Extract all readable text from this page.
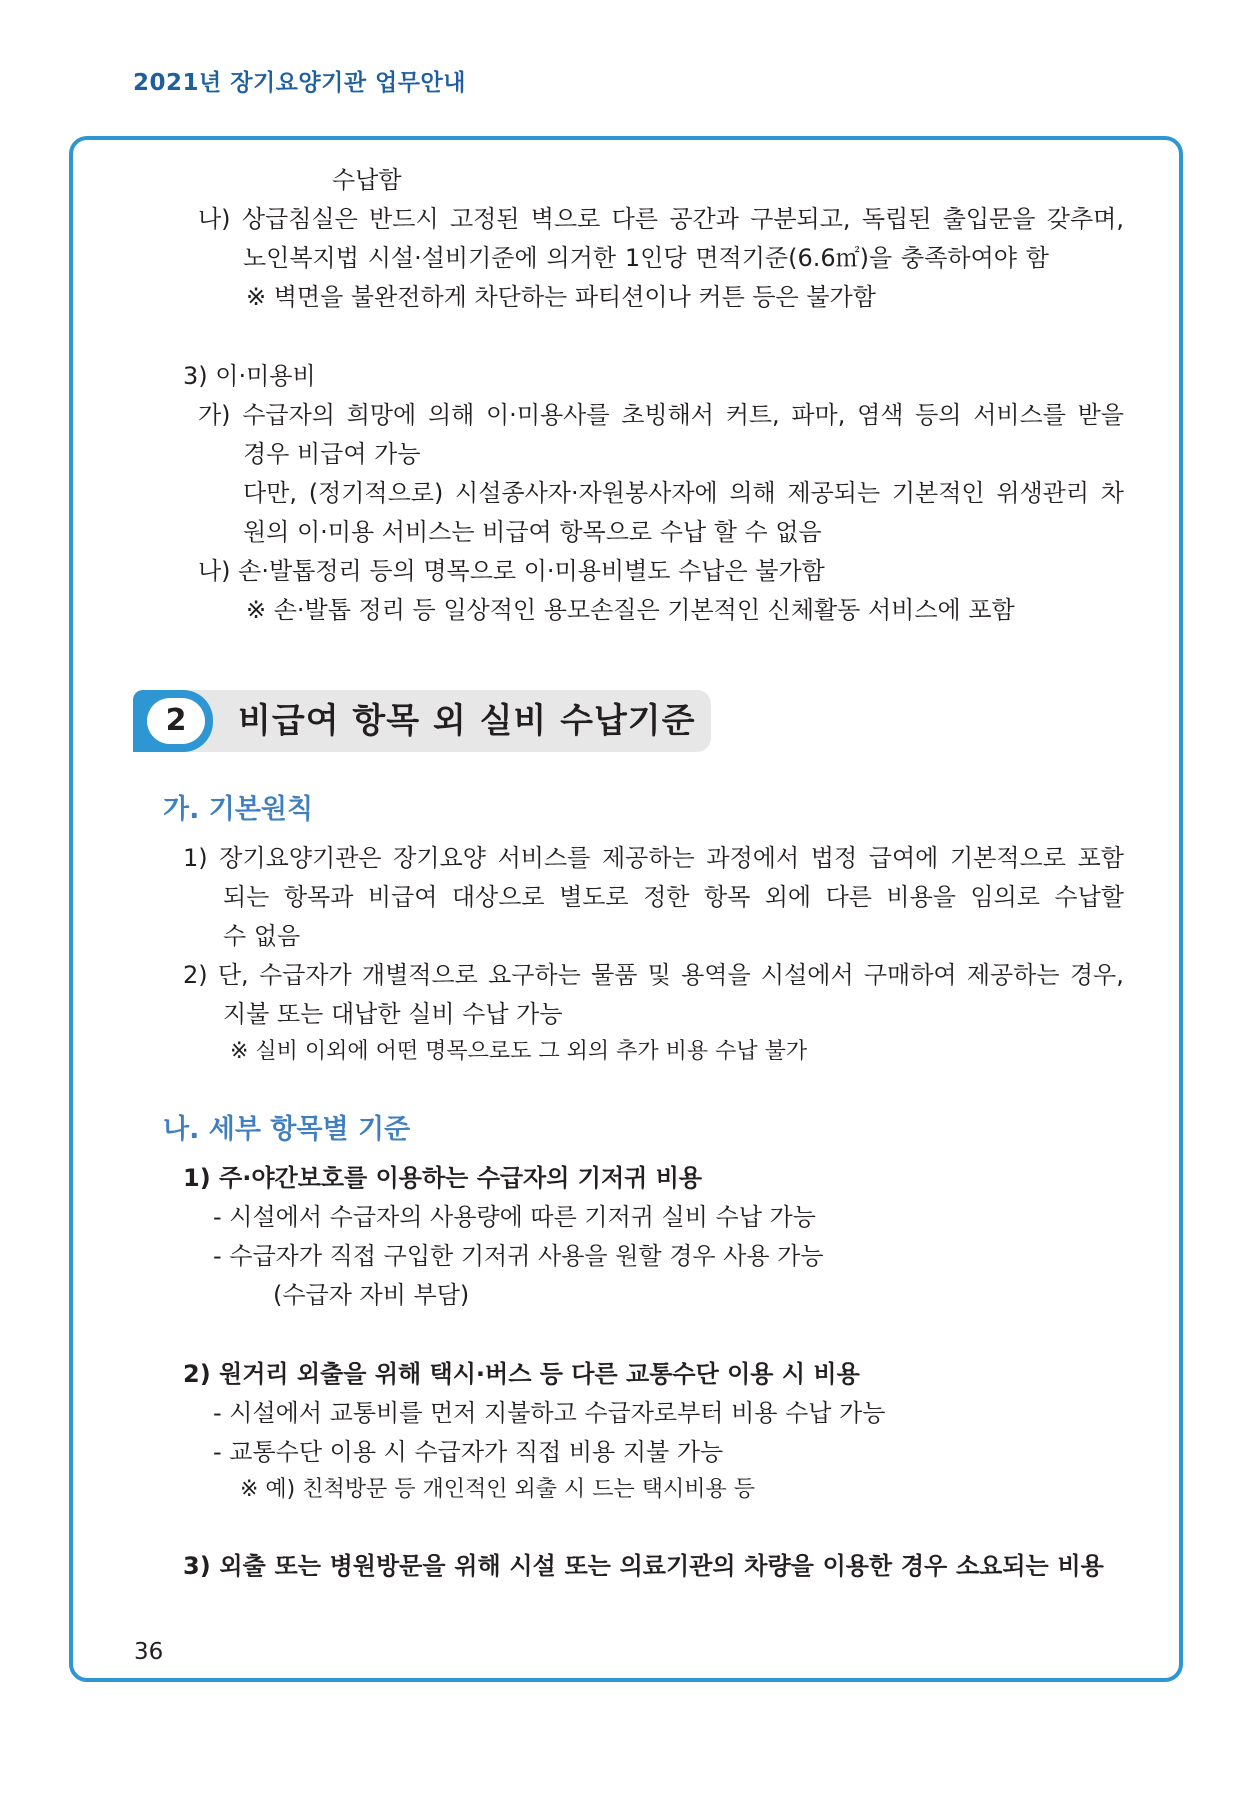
2021년 장기요양기관 업무안내
수납함
나) 상급침실은 반드시 고정된 벽으로 다른 공간과 구분되고, 독립된 출입문을 갖추며,
노인복지법 시설·설비기준에 의거한 1인당 면적기준(6.6㎡)을 충족하여야 함
※ 벽면을 불완전하게 차단하는 파티션이나 커튼 등은 불가함
3) 이·미용비
가) 수급자의 희망에 의해 이·미용사를 초빙해서 커트, 파마, 염색 등의 서비스를 받을
경우 비급여 가능
다만, (정기적으로) 시설종사자·자원봉사자에 의해 제공되는 기본적인 위생관리 차
원의 이·미용 서비스는 비급여 항목으로 수납 할 수 없음
나) 손·발톱정리 등의 명목으로 이·미용비별도 수납은 불가함
※ 손·발톱 정리 등 일상적인 용모손질은 기본적인 신체활동 서비스에 포함
2	비급여 항목 외 실비 수납기준
가. 기본원칙
1) 장기요양기관은 장기요양 서비스를 제공하는 과정에서 법정 급여에 기본적으로 포함
되는 항목과 비급여 대상으로 별도로 정한 항목 외에 다른 비용을 임의로 수납할
수 없음
2) 단, 수급자가 개별적으로 요구하는 물품 및 용역을 시설에서 구매하여 제공하는 경우,
지불 또는 대납한 실비 수납 가능
※ 실비 이외에 어떤 명목으로도 그 외의 추가 비용 수납 불가
나. 세부 항목별 기준
1) 주·야간보호를 이용하는 수급자의 기저귀 비용
- 시설에서 수급자의 사용량에 따른 기저귀 실비 수납 가능
- 수급자가 직접 구입한 기저귀 사용을 원할 경우 사용 가능
(수급자 자비 부담)
2) 원거리 외출을 위해 택시·버스 등 다른 교통수단 이용 시 비용
- 시설에서 교통비를 먼저 지불하고 수급자로부터 비용 수납 가능
- 교통수단 이용 시 수급자가 직접 비용 지불 가능
※ 예) 친척방문 등 개인적인 외출 시 드는 택시비용 등
3) 외출 또는 병원방문을 위해 시설 또는 의료기관의 차량을 이용한 경우 소요되는 비용
36
